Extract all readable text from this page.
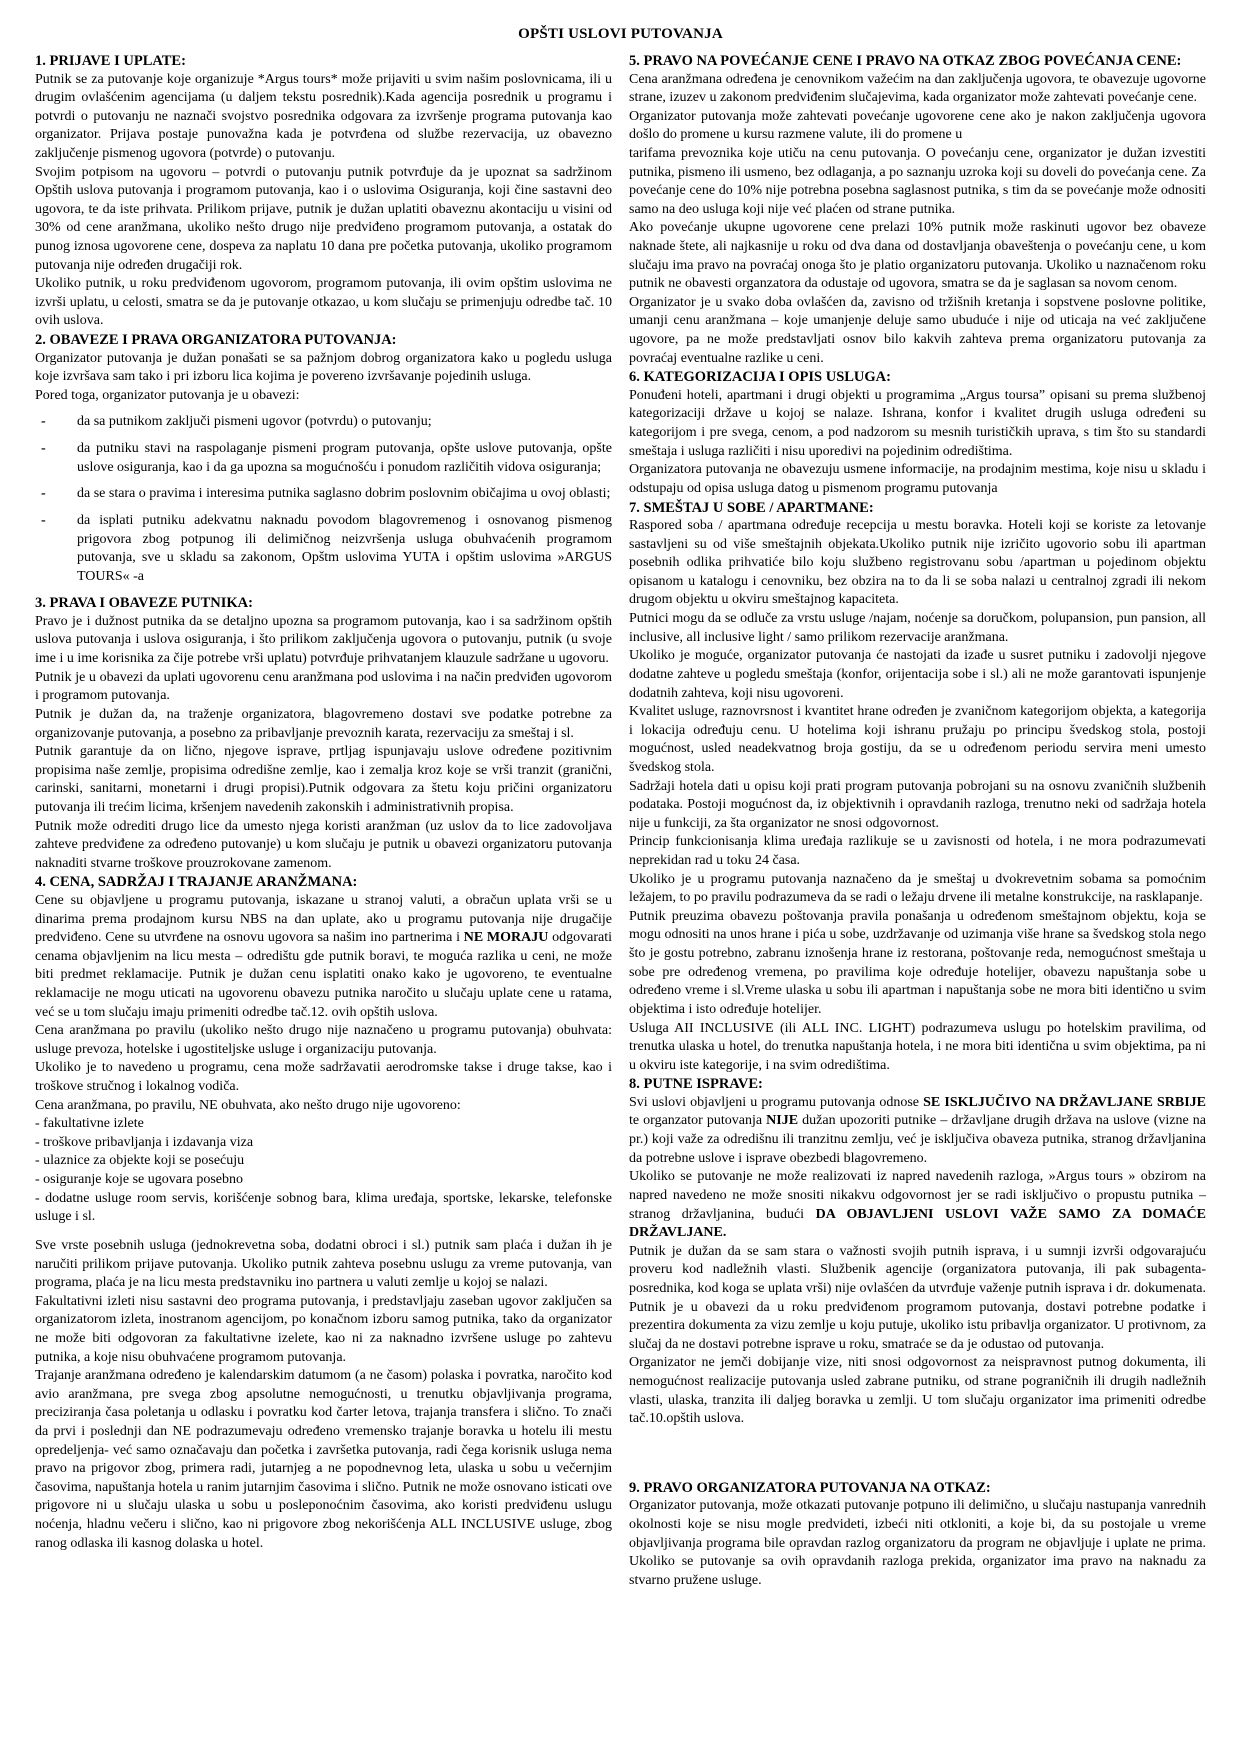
OPŠTI USLOVI PUTOVANJA
1. PRIJAVE I UPLATE:
Putnik se za putovanje koje organizuje *Argus tours* može prijaviti u svim našim poslovnicama, ili u drugim ovlašćenim agencijama (u daljem tekstu posrednik).Kada agencija posrednik u programu i potvrdi o putovanju ne naznači svojstvo posrednika odgovara za izvršenje programa putovanja kao organizator. Prijava postaje punovažna kada je potvrđena od službe rezervacija, uz obavezno zaključenje pismenog ugovora (potvrde) o putovanju.
Svojim potpisom na ugovoru – potvrdi o putovanju putnik potvrđuje da je upoznat sa sadržinom Opštih uslova putovanja i programom putovanja, kao i o uslovima Osiguranja, koji čine sastavni deo ugovora, te da iste prihvata. Prilikom prijave, putnik je dužan uplatiti obaveznu akontaciju u visini od 30% od cene aranžmana, ukoliko nešto drugo nije predviđeno programom putovanja, a ostatak do punog iznosa ugovorene cene, dospeva za naplatu 10 dana pre početka putovanja, ukoliko programom putovanja nije određen drugačiji rok.
Ukoliko putnik, u roku predviđenom ugovorom, programom putovanja, ili ovim opštim uslovima ne izvrši uplatu, u celosti, smatra se da je putovanje otkazao, u kom slučaju se primenjuju odredbe tač. 10 ovih uslova.
2. OBAVEZE I PRAVA ORGANIZATORA PUTOVANJA:
Organizator putovanja je dužan ponašati se sa pažnjom dobrog organizatora kako u pogledu usluga koje izvršava sam tako i pri izboru lica kojima je povereno izvršavanje pojedinih usluga.
Pored toga, organizator putovanja je u obavezi:
- da sa putnikom zaključi pismeni ugovor (potvrdu) o putovanju;
- da putniku stavi na raspolaganje pismeni program putovanja, opšte uslove putovanja, opšte uslove osiguranja, kao i da ga upozna sa mogućnošću i ponudom različitih vidova osiguranja;
- da se stara o pravima i interesima putnika saglasno dobrim poslovnim običajima u ovoj oblasti;
- da isplati putniku adekvatnu naknadu povodom blagovremenog i osnovanog pismenog prigovora zbog potpunog ili delimičnog neizvršenja usluga obuhvaćenih programom putovanja, sve u skladu sa zakonom, Opštm uslovima YUTA i opštim uslovima »ARGUS TOURS« -a
3. PRAVA I OBAVEZE PUTNIKA:
Pravo je i dužnost putnika da se detaljno upozna sa programom putovanja, kao i sa sadržinom opštih uslova putovanja i uslova osiguranja, i što prilikom zaključenja ugovora o putovanju, putnik (u svoje ime i u ime korisnika za čije potrebe vrši uplatu) potvrđuje prihvatanjem klauzule sadržane u ugovoru.
Putnik je u obavezi da uplati ugovorenu cenu aranžmana pod uslovima i na način predviđen ugovorom i programom putovanja.
Putnik je dužan da, na traženje organizatora, blagovremeno dostavi sve podatke potrebne za organizovanje putovanja, a posebno za pribavljanje prevoznih karata, rezervaciju za smeštaj i sl.
Putnik garantuje da on lično, njegove isprave, prtljag ispunjavaju uslove određene pozitivnim propisima naše zemlje, propisima odredišne zemlje, kao i zemalja kroz koje se vrši tranzit (granični, carinski, sanitarni, monetarni i drugi propisi).Putnik odgovara za štetu koju pričini organizatoru putovanja ili trećim licima, kršenjem navedenih zakonskih i administrativnih propisa.
Putnik može odrediti drugo lice da umesto njega koristi aranžman (uz uslov da to lice zadovoljava zahteve predviđene za određeno putovanje) u kom slučaju je putnik u obavezi organizatoru putovanja naknaditi stvarne troškove prouzrokovane zamenom.
4. CENA, SADRŽAJ I TRAJANJE ARANŽMANA:
Cene su objavljene u programu putovanja, iskazane u stranoj valuti, a obračun uplata vrši se u dinarima prema prodajnom kursu NBS na dan uplate, ako u programu putovanja nije drugačije predviđeno. Cene su utvrđene na osnovu ugovora sa našim ino partnerima i NE MORAJU odgovarati cenama objavljenim na licu mesta – odredištu gde putnik boravi, te moguća razlika u ceni, ne može biti predmet reklamacije. Putnik je dužan cenu isplatiti onako kako je ugovoreno, te eventualne reklamacije ne mogu uticati na ugovorenu obavezu putnika naročito u slučaju uplate cene u ratama, već se u tom slučaju imaju primeniti odredbe tač.12. ovih opštih uslova.
Cena aranžmana po pravilu (ukoliko nešto drugo nije naznačeno u programu putovanja) obuhvata: usluge prevoza, hotelske i ugostiteljske usluge i organizaciju putovanja.
Ukoliko je to navedeno u programu, cena može sadržavatii aerodromske takse i druge takse, kao i troškove stručnog i lokalnog vodiča.
Cena aranžmana, po pravilu, NE obuhvata, ako nešto drugo nije ugovoreno:
- fakultativne izlete
- troškove pribavljanja i izdavanja viza
- ulaznice za objekte koji se posećuju
- osiguranje koje se ugovara posebno
- dodatne usluge room servis, korišćenje sobnog bara, klima uređaja, sportske, lekarske, telefonske usluge i sl.
Sve vrste posebnih usluga (jednokrevetna soba, dodatni obroci i sl.) putnik sam plaća i dužan ih je naručiti prilikom prijave putovanja. Ukoliko putnik zahteva posebnu uslugu za vreme putovanja, van programa, plaća je na licu mesta predstavniku ino partnera u valuti zemlje u kojoj se nalazi.
Fakultativni izleti nisu sastavni deo programa putovanja, i predstavljaju zaseban ugovor zaključen sa organizatorom izleta, inostranom agencijom, po konačnom izboru samog putnika, tako da organizator ne može biti odgovoran za fakultativne izelete, kao ni za naknadno izvršene usluge po zahtevu putnika, a koje nisu obuhvaćene programom putovanja.
Trajanje aranžmana određeno je kalendarskim datumom (a ne časom) polaska i povratka, naročito kod avio aranžmana, pre svega zbog apsolutne nemogućnosti, u trenutku objavljivanja programa, preciziranja časa poletanja u odlasku i povratku kod čarter letova, trajanja transfera i slično. To znači da prvi i poslednji dan NE podrazumevaju određeno vremensko trajanje boravka u hotelu ili mestu opredeljenja- već samo označavaju dan početka i završetka putovanja, radi čega korisnik usluga nema pravo na prigovor zbog, primera radi, jutarnjeg a ne popodnevnog leta, ulaska u sobu u večernjim časovima, napuštanja hotela u ranim jutarnjim časovima i slično. Putnik ne može osnovano isticati ove prigovore ni u slučaju ulaska u sobu u posleponoćnim časovima, ako koristi predviđenu uslugu noćenja, hladnu večeru i slično, kao ni prigovore zbog nekorišćenja ALL INCLUSIVE usluge, zbog ranog odlaska ili kasnog dolaska u hotel.
5. PRAVO NA POVEĆANJE CENE I PRAVO NA OTKAZ ZBOG POVEĆANJA CENE:
Cena aranžmana određena je cenovnikom važećim na dan zaključenja ugovora, te obavezuje ugovorne strane, izuzev u zakonom predviđenim slučajevima, kada organizator može zahtevati povećanje cene.
Organizator putovanja može zahtevati povećanje ugovorene cene ako je nakon zaključenja ugovora došlo do promene u kursu razmene valute, ili do promene u
tarifama prevoznika koje utiču na cenu putovanja. O povećanju cene, organizator je dužan izvestiti putnika, pismeno ili usmeno, bez odlaganja, a po saznanju uzroka koji su doveli do povećanja cene. Za povećanje cene do 10% nije potrebna posebna saglasnost putnika, s tim da se povećanje može odnositi samo na deo usluga koji nije već plaćen od strane putnika.
Ako povećanje ukupne ugovorene cene prelazi 10% putnik može raskinuti ugovor bez obaveze naknade štete, ali najkasnije u roku od dva dana od dostavljanja obaveštenja o povećanju cene, u kom slučaju ima pravo na povraćaj onoga što je platio organizatoru putovanja. Ukoliko u naznačenom roku putnik ne obavesti organzatora da odustaje od ugovora, smatra se da je saglasan sa novom cenom.
Organizator je u svako doba ovlašćen da, zavisno od tržišnih kretanja i sopstvene poslovne politike, umanji cenu aranžmana – koje umanjenje deluje samo ubuduće i nije od uticaja na već zaključene ugovore, pa ne može predstavljati osnov bilo kakvih zahteva prema organizatoru putovanja za povraćaj eventualne razlike u ceni.
6. KATEGORIZACIJA I OPIS USLUGA:
Ponuđeni hoteli, apartmani i drugi objekti u programima „Argus toursa” opisani su prema službenoj kategorizaciji države u kojoj se nalaze. Ishrana, konfor i kvalitet drugih usluga određeni su kategorijom i pre svega, cenom, a pod nadzorom su mesnih turističkih uprava, s tim što su standardi smeštaja i usluga različiti i nisu uporedivi na pojedinim odredištima.
Organizatora putovanja ne obavezuju usmene informacije, na prodajnim mestima, koje nisu u skladu i odstupaju od opisa usluga datog u pismenom programu putovanja
7. SMEŠTAJ U SOBE / APARTMANE:
Raspored soba / apartmana određuje recepcija u mestu boravka. Hoteli koji se koriste za letovanje sastavljeni su od više smeštajnih objekata.Ukoliko putnik nije izričito ugovorio sobu ili apartman posebnih odlika prihvatiće bilo koju službeno registrovanu sobu /apartman u pojedinom objektu opisanom u katalogu i cenovniku, bez obzira na to da li se soba nalazi u centralnoj zgradi ili nekom drugom objektu u okviru smeštajnog kapaciteta.
Putnici mogu da se odluče za vrstu usluge /najam, noćenje sa doručkom, polupansion, pun pansion, all inclusive, all inclusive light / samo prilikom rezervacije aranžmana.
Ukoliko je moguće, organizator putovanja će nastojati da izađe u susret putniku i zadovolji njegove dodatne zahteve u pogledu smeštaja (konfor, orijentacija sobe i sl.) ali ne može garantovati ispunjenje dodatnih zahteva, koji nisu ugovoreni.
Kvalitet usluge, raznovrsnost i kvantitet hrane određen je zvaničnom kategorijom objekta, a kategorija i lokacija određuju cenu. U hotelima koji ishranu pružaju po principu švedskog stola, postoji mogućnost, usled neadekvatnog broja gostiju, da se u određenom periodu servira meni umesto švedskog stola.
Sadržaji hotela dati u opisu koji prati program putovanja pobrojani su na osnovu zvaničnih službenih podataka. Postoji mogućnost da, iz objektivnih i opravdanih razloga, trenutno neki od sadržaja hotela nije u funkciji, za šta organizator ne snosi odgovornost.
Princip funkcionisanja klima uređaja razlikuje se u zavisnosti od hotela, i ne mora podrazumevati neprekidan rad u toku 24 časa.
Ukoliko je u programu putovanja naznačeno da je smeštaj u dvokrevetnim sobama sa pomoćnim ležajem, to po pravilu podrazumeva da se radi o ležaju drvene ili metalne konstrukcije, na rasklapanje.
Putnik preuzima obavezu poštovanja pravila ponašanja u određenom smeštajnom objektu, koja se mogu odnositi na unos hrane i pića u sobe, uzdržavanje od uzimanja više hrane sa švedskog stola nego što je gostu potrebno, zabranu iznošenja hrane iz restorana, poštovanje reda, nemogućnost smeštaja u sobe pre određenog vremena, po pravilima koje određuje hotelijer, obavezu napuštanja sobe u određeno vreme i sl.Vreme ulaska u sobu ili apartman i napuštanja sobe ne mora biti identično u svim objektima i isto određuje hotelijer.
Usluga AII INCLUSIVE (ili ALL INC. LIGHT) podrazumeva uslugu po hotelskim pravilima, od trenutka ulaska u hotel, do trenutka napuštanja hotela, i ne mora biti identična u svim objektima, pa ni u okviru iste kategorije, i na svim odredištima.
8. PUTNE ISPRAVE:
Svi uslovi objavljeni u programu putovanja odnose SE ISKLJUČIVO NA DRŽAVLJANE SRBIJE te organzator putovanja NIJE dužan upozoriti putnike – državljane drugih država na uslove (vizne na pr.) koji važe za odredišnu ili tranzitnu zemlju, već je isključiva obaveza putnika, stranog državljanina da potrebne uslove i isprave obezbedi blagovremeno.
Ukoliko se putovanje ne može realizovati iz napred navedenih razloga, »Argus tours » obzirom na napred navedeno ne može snositi nikakvu odgovornost jer se radi isključivo o propustu putnika – stranog državljanina, budući DA OBJAVLJENI USLOVI VAŽE SAMO ZA DOMAĆE DRŽAVLJANE.
Putnik je dužan da se sam stara o važnosti svojih putnih isprava, i u sumnji izvrši odgovarajuću proveru kod nadležnih vlasti. Službenik agencije (organizatora putovanja, ili pak subagenta-posrednika, kod koga se uplata vrši) nije ovlašćen da utvrđuje važenje putnih isprava i dr. dokumenata. Putnik je u obavezi da u roku predviđenom programom putovanja, dostavi potrebne podatke i prezentira dokumenta za vizu zemlje u koju putuje, ukoliko istu pribavlja organizator. U protivnom, za slučaj da ne dostavi potrebne isprave u roku, smatraće se da je odustao od putovanja.
Organizator ne jemči dobijanje vize, niti snosi odgovornost za neispravnost putnog dokumenta, ili nemogućnost realizacije putovanja usled zabrane putniku, od strane pograničnih ili drugih nadležnih vlasti, ulaska, tranzita ili daljeg boravka u zemlji. U tom slučaju organizator ima primeniti odredbe tač.10.opštih uslova.
9. PRAVO ORGANIZATORA PUTOVANJA NA OTKAZ:
Organizator putovanja, može otkazati putovanje potpuno ili delimično, u slučaju nastupanja vanrednih okolnosti koje se nisu mogle predvideti, izbeći niti otkloniti, a koje bi, da su postojale u vreme objavljivanja programa bile opravdan razlog organizatoru da program ne objavljuje i uplate ne prima. Ukoliko se putovanje sa ovih opravdanih razloga prekida, organizator ima pravo na naknadu za stvarno pružene usluge.
